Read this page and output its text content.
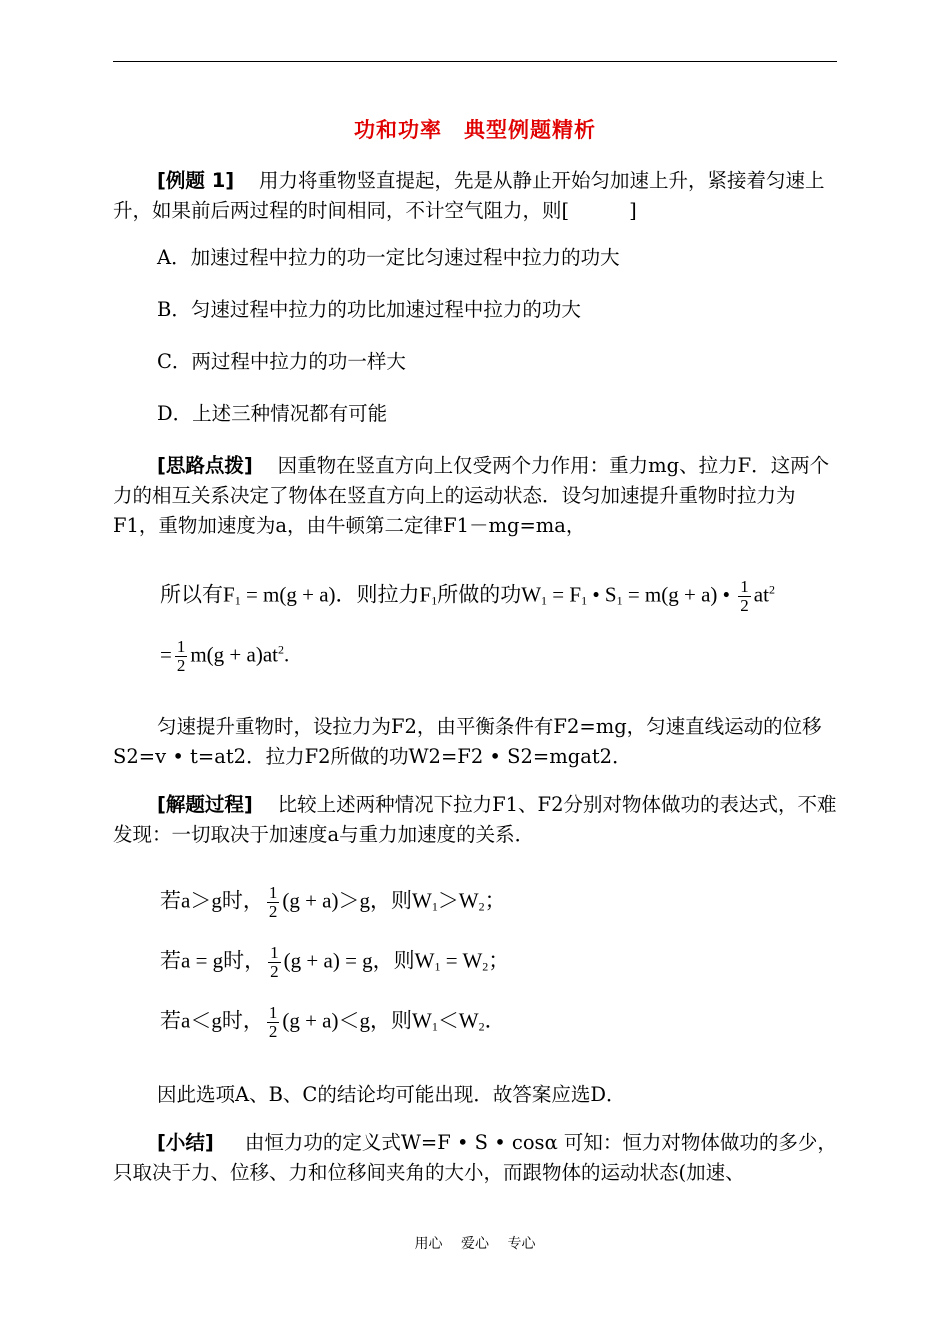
功和功率　典型例题精析
[例题 1] 用力将重物竖直提起，先是从静止开始匀加速上升，紧接着匀速上升，如果前后两过程的时间相同，不计空气阻力，则[	]
A．加速过程中拉力的功一定比匀速过程中拉力的功大
B．匀速过程中拉力的功比加速过程中拉力的功大
C．两过程中拉力的功一样大
D．上述三种情况都有可能
[思路点拨] 因重物在竖直方向上仅受两个力作用：重力mg、拉力F．这两个力的相互关系决定了物体在竖直方向上的运动状态．设匀加速提升重物时拉力为F1，重物加速度为a，由牛顿第二定律F1－mg=ma，
所以有$F_1 = m(g + a)$．则拉力$F_1$所做的功$W_1 = F_1$ • $S_1 = m(g + a)$ • $\frac{1}{2} at^2$
= $\frac{1}{2} m(g + a)at^2$.
匀速提升重物时，设拉力为F2，由平衡条件有F2=mg，匀速直线运动的位移S2=v • t=at2．拉力F2所做的功W2=F2 • S2=mgat2．
[解题过程] 比较上述两种情况下拉力F1、F2分别对物体做功的表达式，不难发现：一切取决于加速度a与重力加速度的关系．
若a＞g时， $\frac{1}{2} (g + a)>g$，则$W_1>W_2$；
若a = g时， $\frac{1}{2} (g + a) = g$，则$W_1 = W_2$；
若a＜g时， $\frac{1}{2} (g + a)<g$，则$W_1<W_2$．
因此选项A、B、C的结论均可能出现．故答案应选D．
[小结] 由恒力功的定义式W=F • S • cosα 可知：恒力对物体做功的多少，只取决于力、位移、力和位移间夹角的大小，而跟物体的运动状态(加速、
用心 爱心 专心
